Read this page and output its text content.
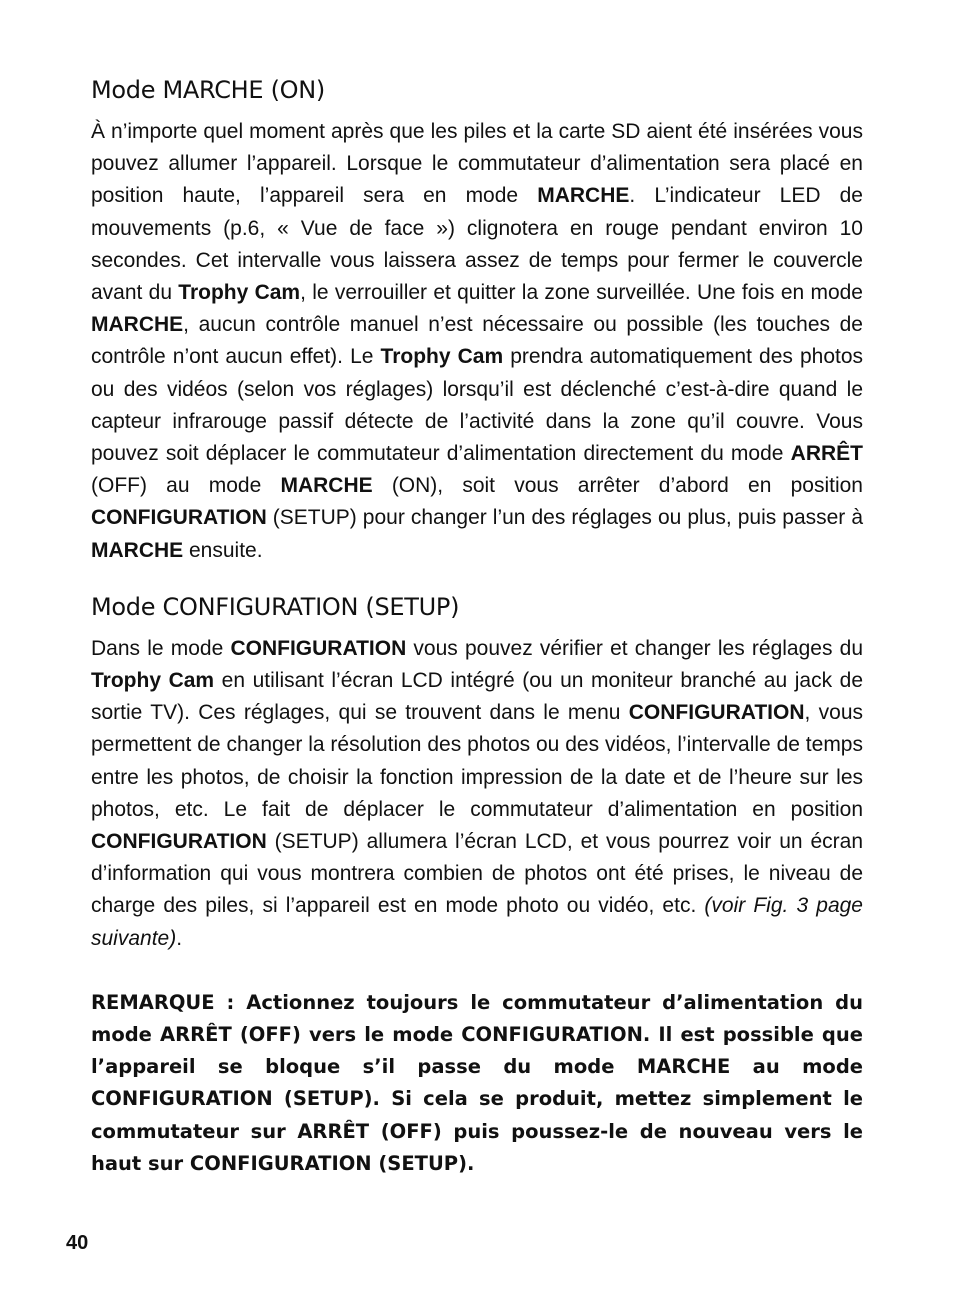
Mode MARCHE (ON)

À n’importe quel moment après que les piles et la carte SD aient été insérées vous pouvez allumer l’appareil. Lorsque le commutateur d’alimentation sera placé en position haute, l’appareil sera en mode MARCHE. L’indicateur LED de mouvements (p.6, « Vue de face ») clignotera en rouge pendant environ 10 secondes. Cet intervalle vous laissera assez de temps pour fermer le couvercle avant du Trophy Cam, le verrouiller et quitter la zone surveillée. Une fois en mode MARCHE, aucun contrôle manuel n’est nécessaire ou possible (les touches de contrôle n’ont aucun effet). Le Trophy Cam prendra automatiquement des photos ou des vidéos (selon vos réglages) lorsqu’il est déclenché c’est-à-dire quand le capteur infrarouge passif détecte de l’activité dans la zone qu’il couvre. Vous pouvez soit déplacer le commutateur d’alimentation directement du mode ARRÊT (OFF) au mode MARCHE (ON), soit vous arrêter d’abord en position CONFIGURATION (SETUP) pour changer l’un des réglages ou plus, puis passer à MARCHE ensuite.

Mode CONFIGURATION (SETUP)

Dans le mode CONFIGURATION vous pouvez vérifier et changer les réglages du Trophy Cam en utilisant l’écran LCD intégré (ou un moniteur branché au jack de sortie TV). Ces réglages, qui se trouvent dans le menu CONFIGURATION, vous permettent de changer la résolution des photos ou des vidéos, l’intervalle de temps entre les photos, de choisir la fonction impression de la date et de l’heure sur les photos, etc. Le fait de déplacer le commutateur d’alimentation en position CONFIGURATION (SETUP) allumera l’écran LCD, et vous pourrez voir un écran d’information qui vous montrera combien de photos ont été prises, le niveau de charge des piles, si l’appareil est en mode photo ou vidéo, etc. (voir Fig. 3 page suivante).

REMARQUE : Actionnez toujours le commutateur d’alimentation du mode ARRÊT (OFF) vers le mode CONFIGURATION. Il est possible que l’appareil se bloque s’il passe du mode MARCHE au mode CONFIGURATION (SETUP). Si cela se produit, mettez simplement le commutateur sur ARRÊT (OFF) puis poussez-le de nouveau vers le haut sur CONFIGURATION (SETUP).

40
